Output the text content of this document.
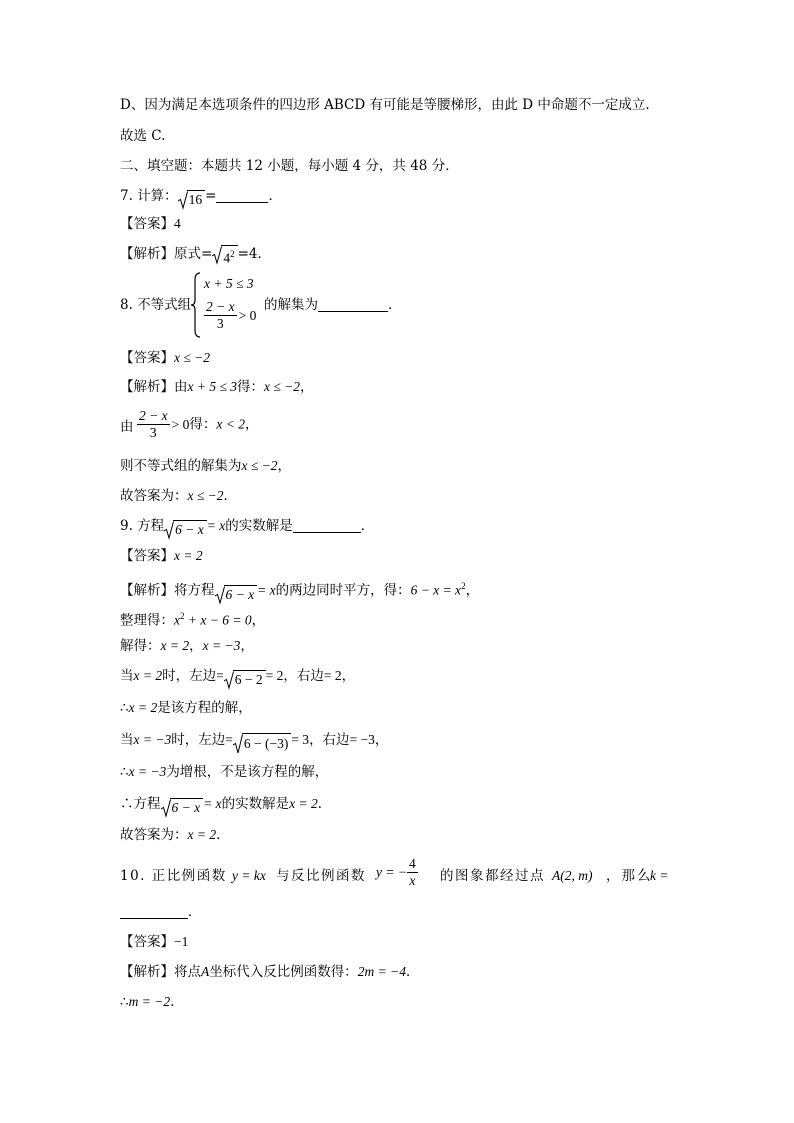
D、因为满足本选项条件的四边形 ABCD 有可能是等腰梯形，由此 D 中命题不一定成立.
故选 C.
二、填空题：本题共 12 小题，每小题 4 分，共 48 分．
7. 计算： 16 =	．
【答案】4
【解析】原式= $4^2 =4$．
8. 不等式组
x + 5 ≤ 3
$\frac{2 - x}{3} > 0$
的解集为	．
【答案】x ≤ −2
【解析】由x + 5 ≤ 3得：x ≤ −2，
由 $\frac{2 - x}{3} > 0$得：x < 2，
则不等式组的解集为x ≤ −2，
故答案为：x ≤ −2．
9. 方程 6 − x = x的实数解是	．
【答案】x = 2
【解析】将方程 6 − x = x的两边同时平方，得：$6 - x = x^2$，
整理得：$x^2 + x - 6 = 0$，
解得：x = 2，x = −3，
当x = 2时，左边= 6 − 2 = 2，右边= 2，
∴x = 2是该方程的解，
当x = −3时，左边= 6 − (−3) = 3，右边= −3，
∴x = −3为增根，不是该方程的解，
∴方程 6 − x = x的实数解是x = 2．
故答案为：x = 2．
10. 正比例函数 y = kx 与反比例函数 y = − $\frac{4}{x}$ 的图象都经过点 A(2, m) ，那么
k =
．
【答案】−1
【解析】将点A坐标代入反比例函数得：2m = −4．
∴m = −2．
